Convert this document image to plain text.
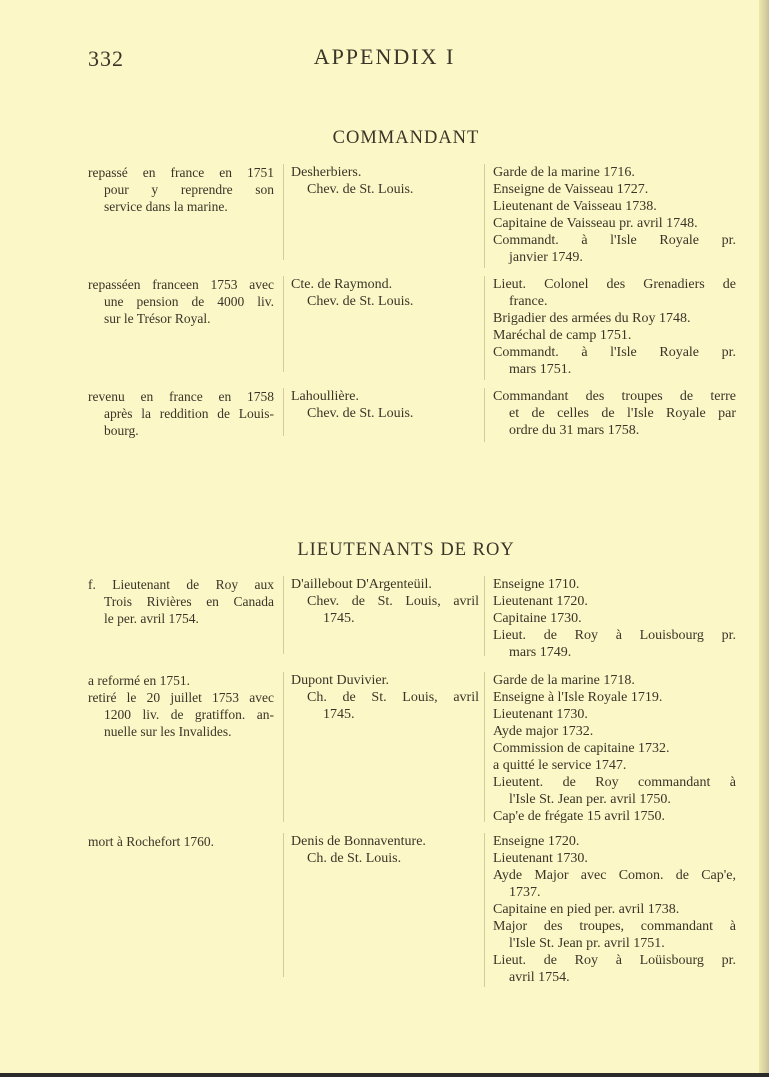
332	APPENDIX I
COMMANDANT
repassé en france en 1751
pour y reprendre son
service dans la marine.
Desherbiers.
Chev. de St. Louis.
Garde de la marine 1716.
Enseigne de Vaisseau 1727.
Lieutenant de Vaisseau 1738.
Capitaine de Vaisseau pr. avril 1748.
Commandt. à l'Isle Royale pr.
janvier 1749.
repasséen franceen 1753 avec
une pension de 4000 liv.
sur le Trésor Royal.
Cte. de Raymond.
Chev. de St. Louis.
Lieut. Colonel des Grenadiers de
france.
Brigadier des armées du Roy 1748.
Maréchal de camp 1751.
Commandt. à l'Isle Royale pr.
mars 1751.
revenu en france en 1758
après la reddition de Louis-
bourg.
Lahoullière.
Chev. de St. Louis.
Commandant des troupes de terre
et de celles de l'Isle Royale par
ordre du 31 mars 1758.
LIEUTENANTS DE ROY
f. Lieutenant de Roy aux
Trois Rivières en Canada
le per. avril 1754.
D'aillebout D'Argenteüil.
Chev. de St. Louis, avril
1745.
Enseigne 1710.
Lieutenant 1720.
Capitaine 1730.
Lieut. de Roy à Louisbourg pr.
mars 1749.
a reformé en 1751.
retiré le 20 juillet 1753 avec
1200 liv. de gratiffon. an-
nuelle sur les Invalides.
Dupont Duvivier.
Ch. de St. Louis, avril
1745.
Garde de la marine 1718.
Enseigne à l'Isle Royale 1719.
Lieutenant 1730.
Ayde major 1732.
Commission de capitaine 1732.
a quitté le service 1747.
Lieutent. de Roy commandant à
l'Isle St. Jean per. avril 1750.
Cap'e de frégate 15 avril 1750.
mort à Rochefort 1760.	Denis de Bonnaventure.
Ch. de St. Louis.
Enseigne 1720.
Lieutenant 1730.
Ayde Major avec Comon. de Cap'e,
1737.
Capitaine en pied per. avril 1738.
Major des troupes, commandant à
l'Isle St. Jean pr. avril 1751.
Lieut. de Roy à Loüisbourg pr.
avril 1754.
